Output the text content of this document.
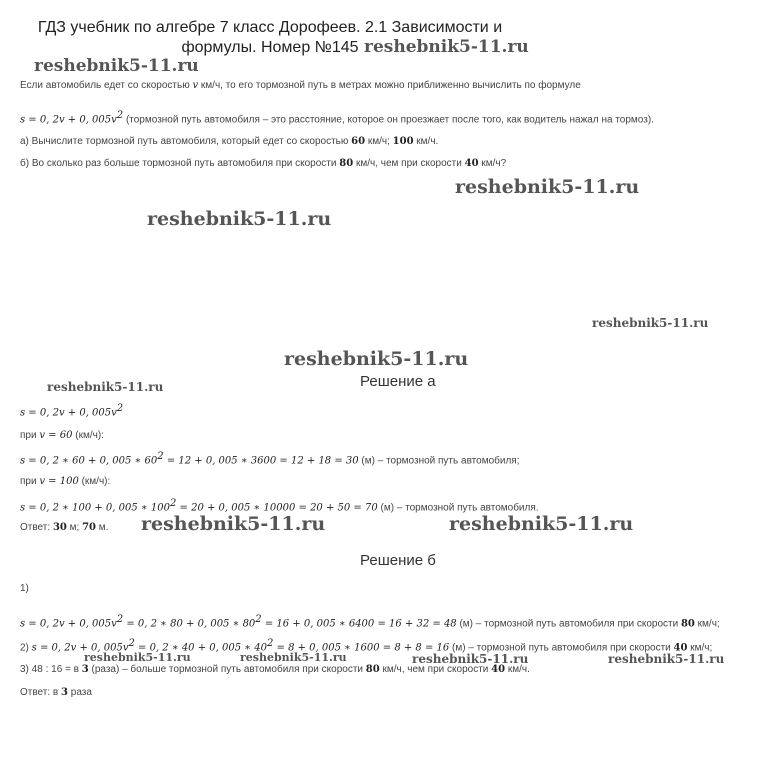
ГДЗ учебник по алгебре 7 класс Дорофеев. 2.1 Зависимости и
формулы. Номер №145
Если автомобиль едет со скоростью v км/ч, то его тормозной путь в метрах можно приближенно вычислить по формуле
s = 0, 2v + 0, $005v^2$ (тормозной путь автомобиля – это расстояние, которое он проезжает после того, как водитель нажал на тормоз).
а) Вычислите тормозной путь автомобиля, который едет со скоростью 60 км/ч; 100 км/ч.
б) Во сколько раз больше тормозной путь автомобиля при скорости 80 км/ч, чем при скорости 40 км/ч?
Решение а
s = 0, 2v + 0, $005v^2$
при v = 60 (км/ч):
s = 0, 2 ∗ 60 + 0, 005 ∗ $60^2 = 12 + 0$, 005 ∗ 3600 = 12 + 18 = 30 (м) – тормозной путь автомобиля;
при v = 100 (км/ч):
s = 0, 2 ∗ 100 + 0, 005 ∗ $100^2 = 20 + 0$, 005 ∗ 10000 = 20 + 50 = 70 (м) – тормозной путь автомобиля.
Ответ: 30 м; 70 м.
Решение б
1)
s = 0, 2v + 0, $005v^2 = 0$, 2 ∗ 80 + 0, 005 ∗ $80^2 = 16 + 0$, 005 ∗ 6400 = 16 + 32 = 48 (м) – тормозной путь автомобиля при скорости 80 км/ч;
2) s = 0, 2v + 0, $005v^2 = 0$, 2 ∗ 40 + 0, 005 ∗ $40^2 = 8 + 0$, 005 ∗ 1600 = 8 + 8 = 16 (м) – тормозной путь автомобиля при скорости 40 км/ч;
3) 48 : 16 = в 3 (раза) – больше тормозной путь автомобиля при скорости 80 км/ч, чем при скорости 40 км/ч.
Ответ: в 3 раза
reshebnik5-11.ru
reshebnik5-11.ru
reshebnik5-11.ru
reshebnik5-11.ru
reshebnik5-11.ru
reshebnik5-11.ru
reshebnik5-11.ru
reshebnik5-11.ru	reshebnik5-11.ru
reshebnik5-11.ru	reshebnik5-11.ru	reshebnik5-11.ru	reshebnik5-11.ru
